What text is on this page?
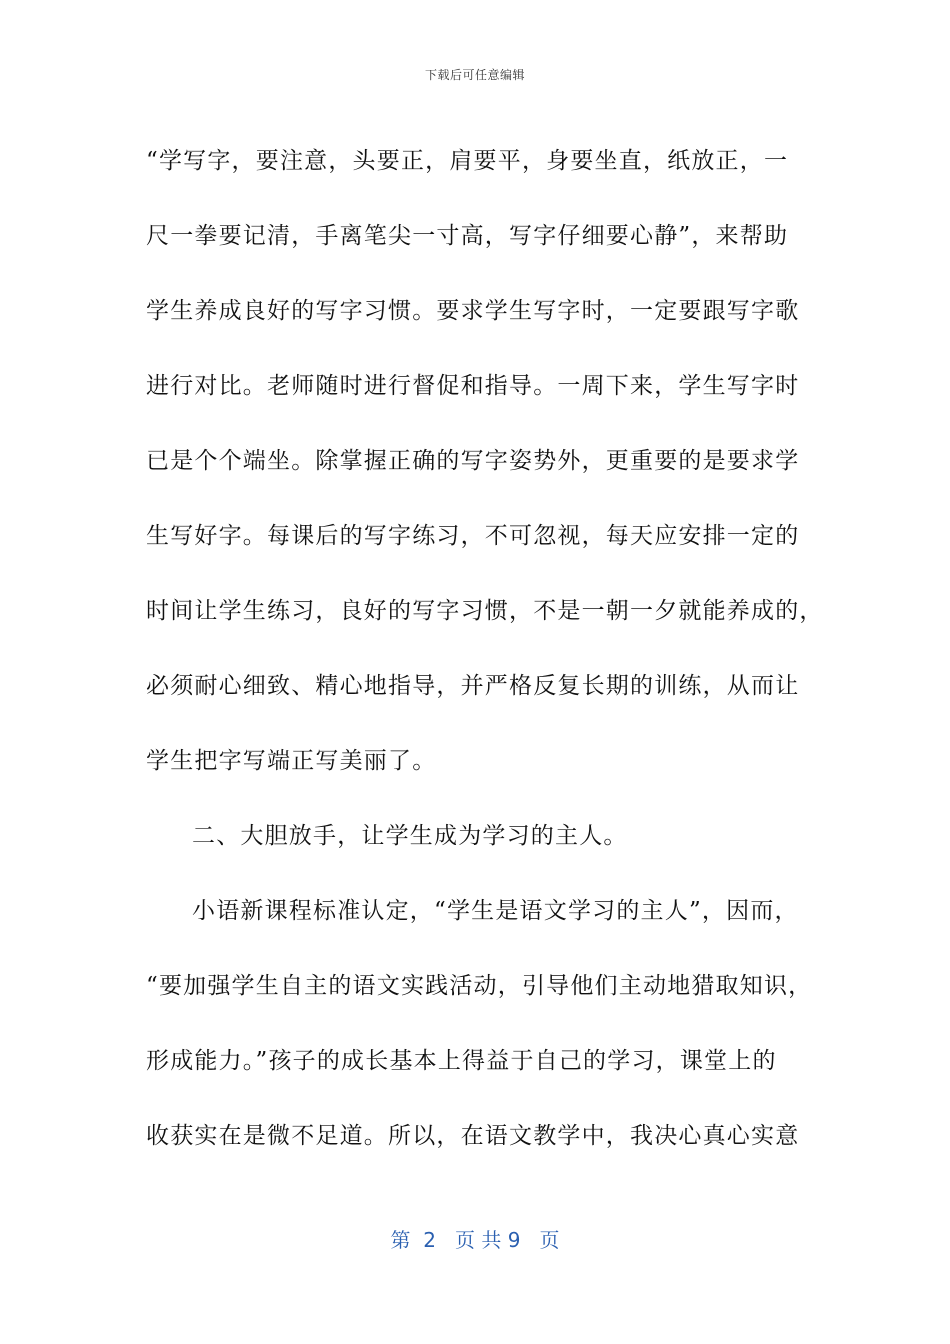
下载后可任意编辑
“学写字，要注意，头要正，肩要平，身要坐直，纸放正，一
尺一拳要记清，手离笔尖一寸高，写字仔细要心静”，来帮助
学生养成良好的写字习惯。要求学生写字时，一定要跟写字歌
进行对比。老师随时进行督促和指导。一周下来，学生写字时
已是个个端坐。除掌握正确的写字姿势外，更重要的是要求学
生写好字。每课后的写字练习，不可忽视，每天应安排一定的
时间让学生练习，良好的写字习惯，不是一朝一夕就能养成的，
必须耐心细致、精心地指导，并严格反复长期的训练，从而让
学生把字写端正写美丽了。
二、大胆放手，让学生成为学习的主人。
小语新课程标准认定，“学生是语文学习的主人”，因而，
“要加强学生自主的语文实践活动，引导他们主动地猎取知识，
形成能力。”孩子的成长基本上得益于自己的学习，课堂上的
收获实在是微不足道。所以，在语文教学中，我决心真心实意
第  2   页 共 9   页
